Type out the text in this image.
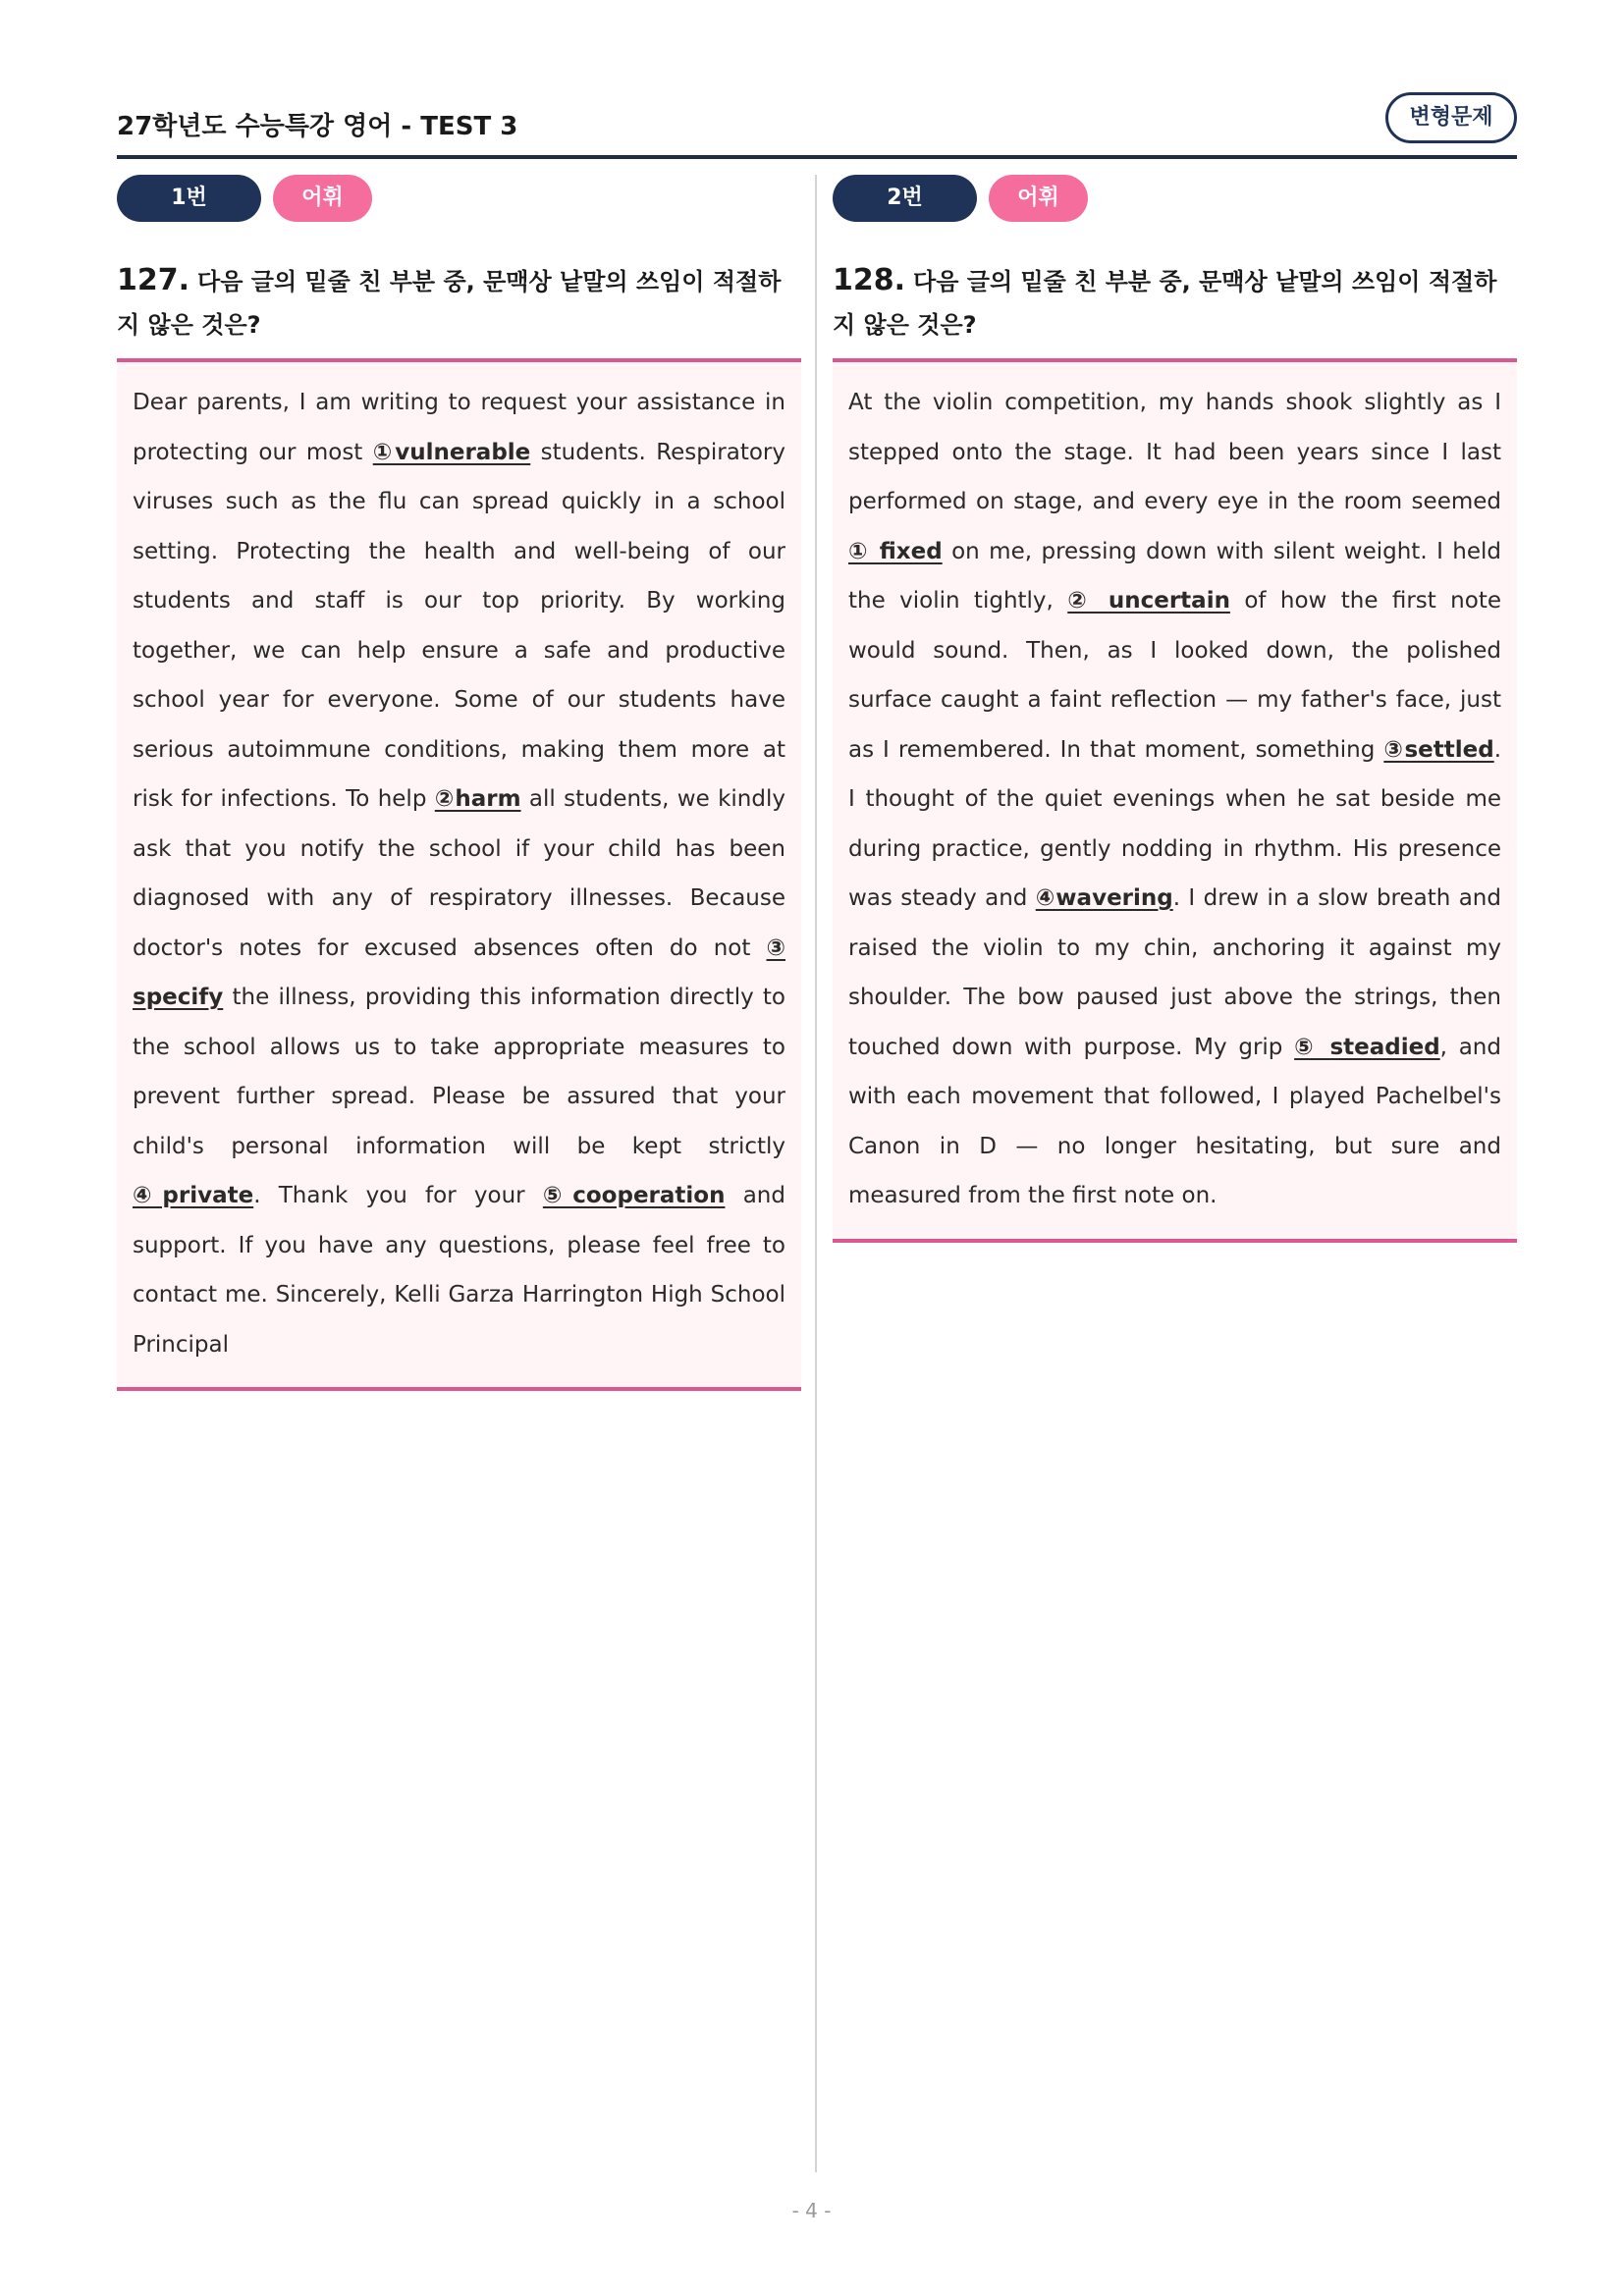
27학년도 수능특강 영어 - TEST 3	변형문제
1번	어휘
127. 다음 글의 밑줄 친 부분 중, 문맥상 낱말의 쓰임이 적절하지 않은 것은?
Dear parents, I am writing to request your assistance in protecting our most ①vulnerable students. Respiratory viruses such as the flu can spread quickly in a school setting. Protecting the health and well-being of our students and staff is our top priority. By working together, we can help ensure a safe and productive school year for everyone. Some of our students have serious autoimmune conditions, making them more at risk for infections. To help ②harm all students, we kindly ask that you notify the school if your child has been diagnosed with any of respiratory illnesses. Because doctor's notes for excused absences often do not ③ specify the illness, providing this information directly to the school allows us to take appropriate measures to prevent further spread. Please be assured that your child's personal information will be kept strictly ④private. Thank you for your ⑤cooperation and support. If you have any questions, please feel free to contact me. Sincerely, Kelli Garza Harrington High School Principal
2번	어휘
128. 다음 글의 밑줄 친 부분 중, 문맥상 낱말의 쓰임이 적절하지 않은 것은?
At the violin competition, my hands shook slightly as I stepped onto the stage. It had been years since I last performed on stage, and every eye in the room seemed ① fixed on me, pressing down with silent weight. I held the violin tightly, ② uncertain of how the first note would sound. Then, as I looked down, the polished surface caught a faint reflection — my father's face, just as I remembered. In that moment, something ③settled. I thought of the quiet evenings when he sat beside me during practice, gently nodding in rhythm. His presence was steady and ④wavering. I drew in a slow breath and raised the violin to my chin, anchoring it against my shoulder. The bow paused just above the strings, then touched down with purpose. My grip ⑤ steadied, and with each movement that followed, I played Pachelbel's Canon in D — no longer hesitating, but sure and measured from the first note on.
- 4 -
